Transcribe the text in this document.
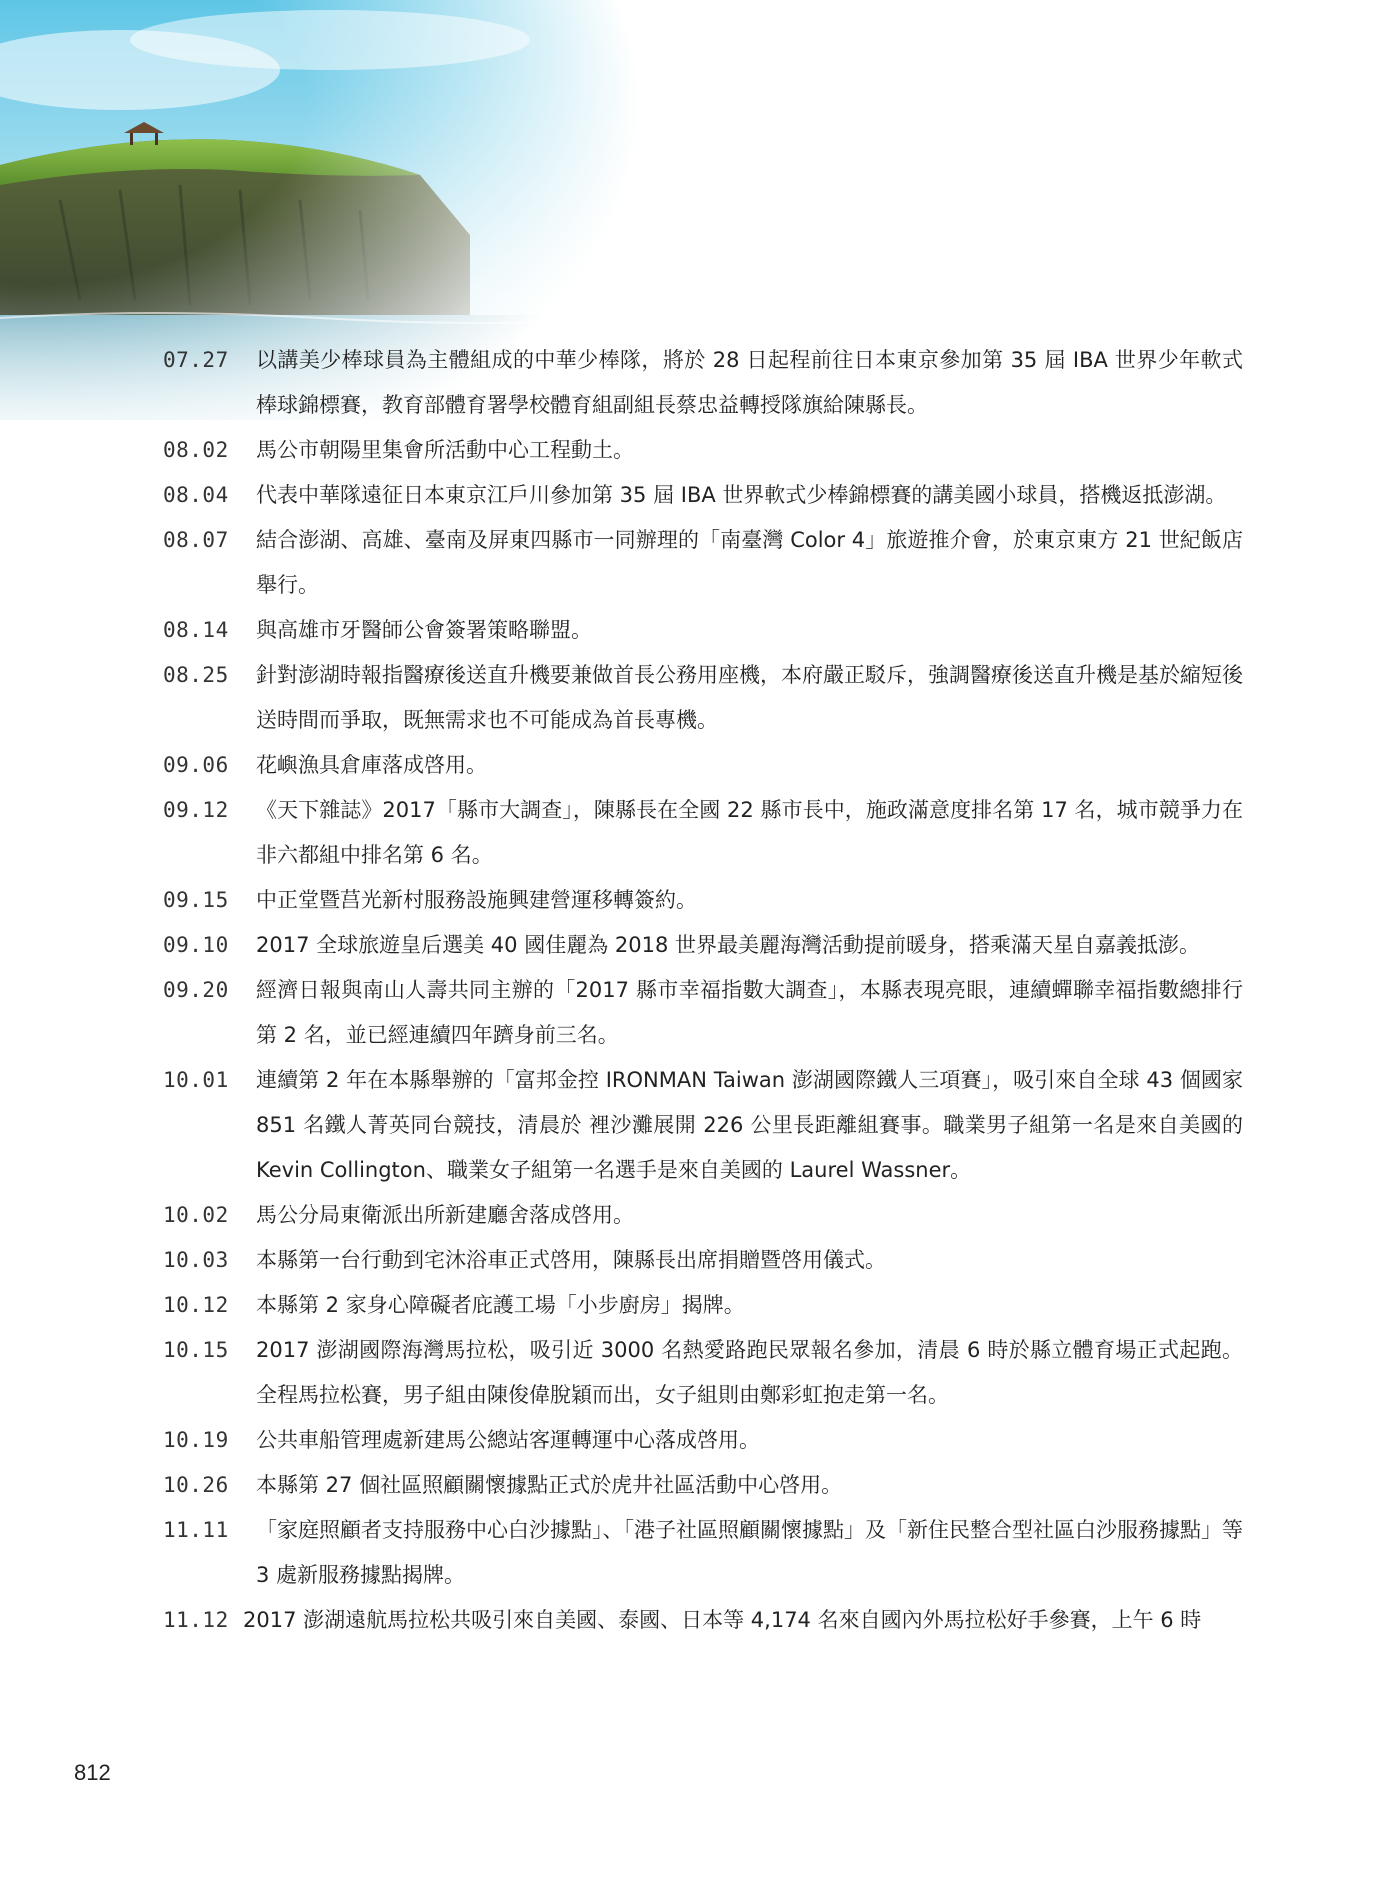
07.27	以講美少棒球員為主體組成的中華少棒隊，將於 28 日起程前往日本東京參加第 35 屆 IBA 世界少年軟式棒球錦標賽，教育部體育署學校體育組副組長蔡忠益轉授隊旗給陳縣長。
08.02	馬公市朝陽里集會所活動中心工程動土。
08.04	代表中華隊遠征日本東京江戶川參加第 35 屆 IBA 世界軟式少棒錦標賽的講美國小球員，搭機返抵澎湖。
08.07	結合澎湖、高雄、臺南及屏東四縣市一同辦理的「南臺灣 Color 4」旅遊推介會，於東京東方 21 世紀飯店舉行。
08.14	與高雄市牙醫師公會簽署策略聯盟。
08.25	針對澎湖時報指醫療後送直升機要兼做首長公務用座機，本府嚴正駁斥，強調醫療後送直升機是基於縮短後送時間而爭取，既無需求也不可能成為首長專機。
09.06	花嶼漁具倉庫落成啓用。
09.12	《天下雜誌》2017「縣市大調查」，陳縣長在全國 22 縣市長中，施政滿意度排名第 17 名，城市競爭力在非六都組中排名第 6 名。
09.15	中正堂暨莒光新村服務設施興建營運移轉簽約。
09.10	2017 全球旅遊皇后選美 40 國佳麗為 2018 世界最美麗海灣活動提前暖身，搭乘滿天星自嘉義抵澎。
09.20	經濟日報與南山人壽共同主辦的「2017 縣市幸福指數大調查」，本縣表現亮眼，連續蟬聯幸福指數總排行第 2 名，並已經連續四年躋身前三名。
10.01	連續第 2 年在本縣舉辦的「富邦金控 IRONMAN Taiwan 澎湖國際鐵人三項賽」，吸引來自全球 43 個國家 851 名鐵人菁英同台競技，清晨於 裡沙灘展開 226 公里長距離組賽事。職業男子組第一名是來自美國的 Kevin Collington、職業女子組第一名選手是來自美國的 Laurel Wassner。
10.02	馬公分局東衛派出所新建廳舍落成啓用。
10.03	本縣第一台行動到宅沐浴車正式啓用，陳縣長出席捐贈暨啓用儀式。
10.12	本縣第 2 家身心障礙者庇護工場「小步廚房」揭牌。
10.15	2017 澎湖國際海灣馬拉松，吸引近 3000 名熱愛路跑民眾報名參加，清晨 6 時於縣立體育場正式起跑。全程馬拉松賽，男子組由陳俊偉脫穎而出，女子組則由鄭彩虹抱走第一名。
10.19	公共車船管理處新建馬公總站客運轉運中心落成啓用。
10.26	本縣第 27 個社區照顧關懷據點正式於虎井社區活動中心啓用。
11.11	「家庭照顧者支持服務中心白沙據點」、「港子社區照顧關懷據點」及「新住民整合型社區白沙服務據點」等 3 處新服務據點揭牌。
11.12 2017 澎湖遠航馬拉松共吸引來自美國、泰國、日本等 4,174 名來自國內外馬拉松好手參賽，上午 6 時
812
